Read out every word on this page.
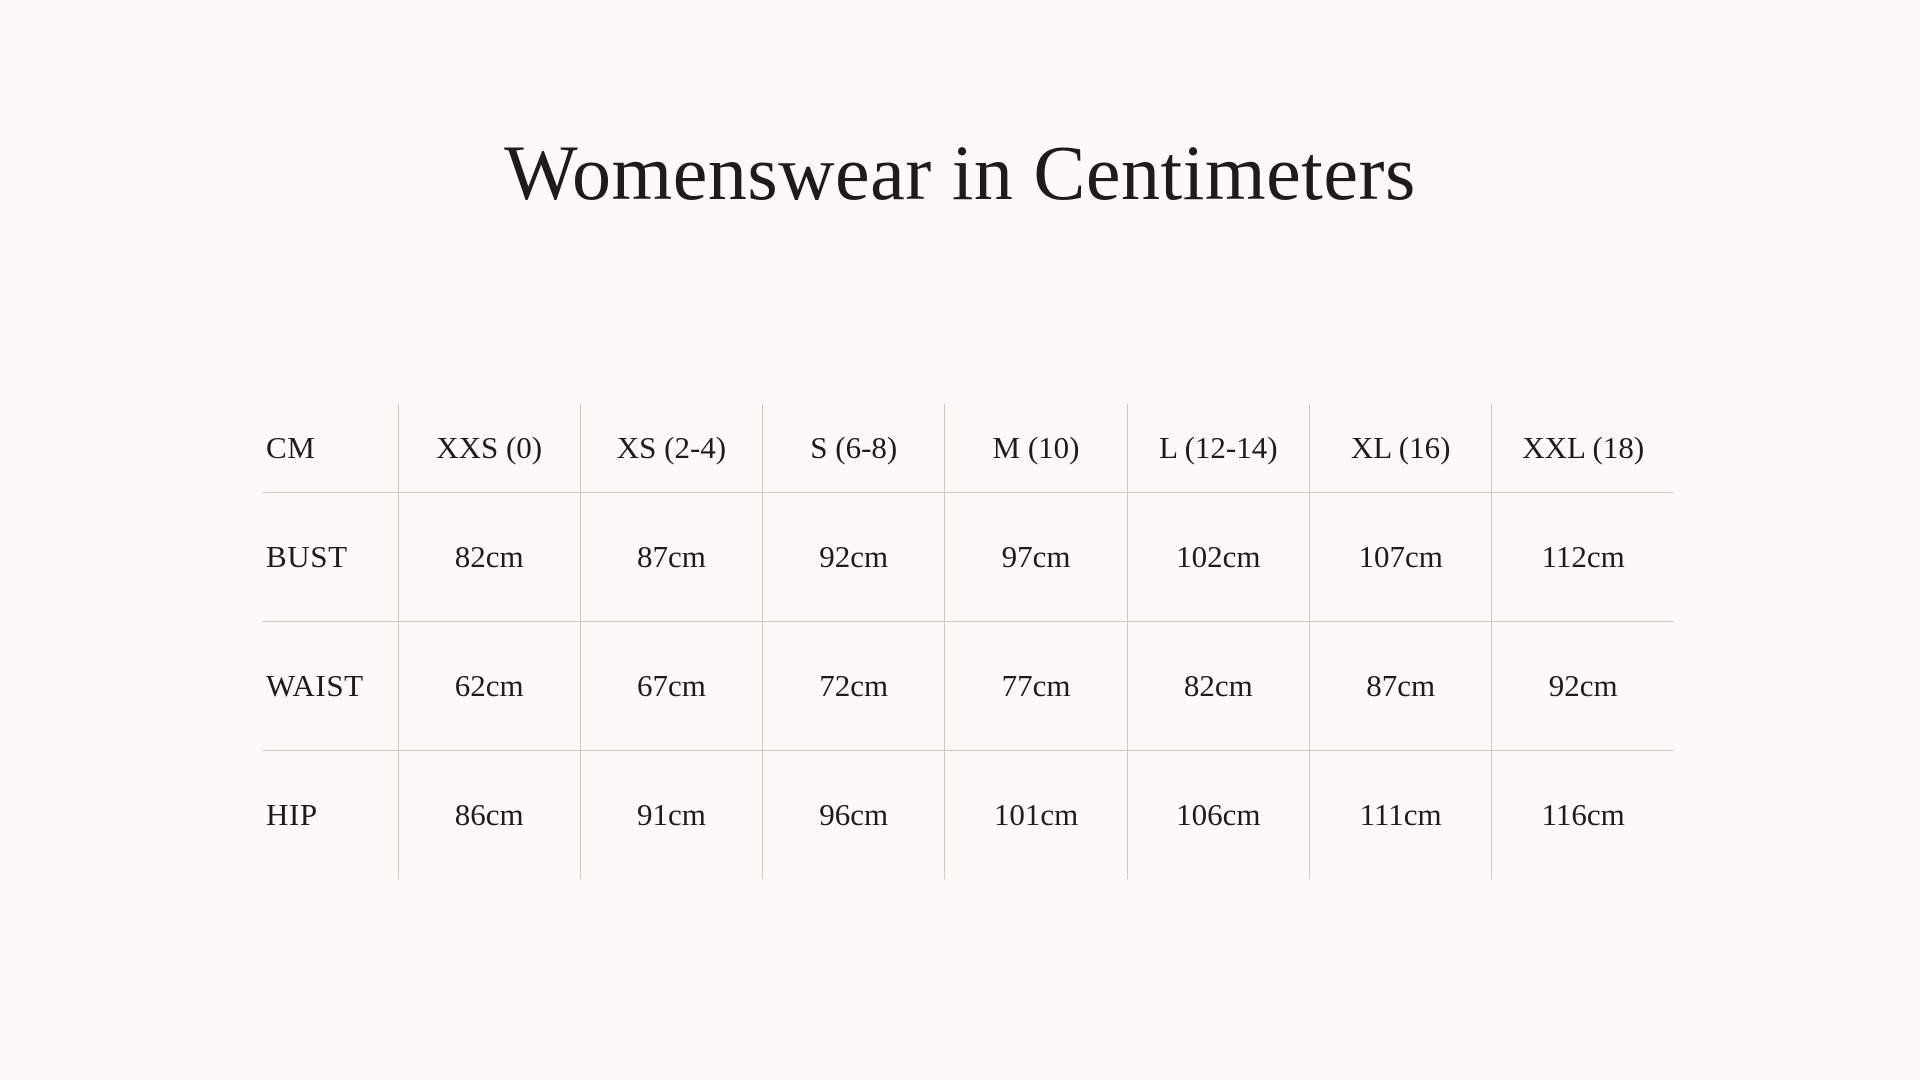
Womenswear in Centimeters
CM	XXS (0)	XS (2-4)	S (6-8)	M (10)	L (12-14)	XL (16)	XXL (18)
BUST	82cm	87cm	92cm	97cm	102cm	107cm	112cm
WAIST	62cm	67cm	72cm	77cm	82cm	87cm	92cm
HIP	86cm	91cm	96cm	101cm	106cm	111cm	116cm
